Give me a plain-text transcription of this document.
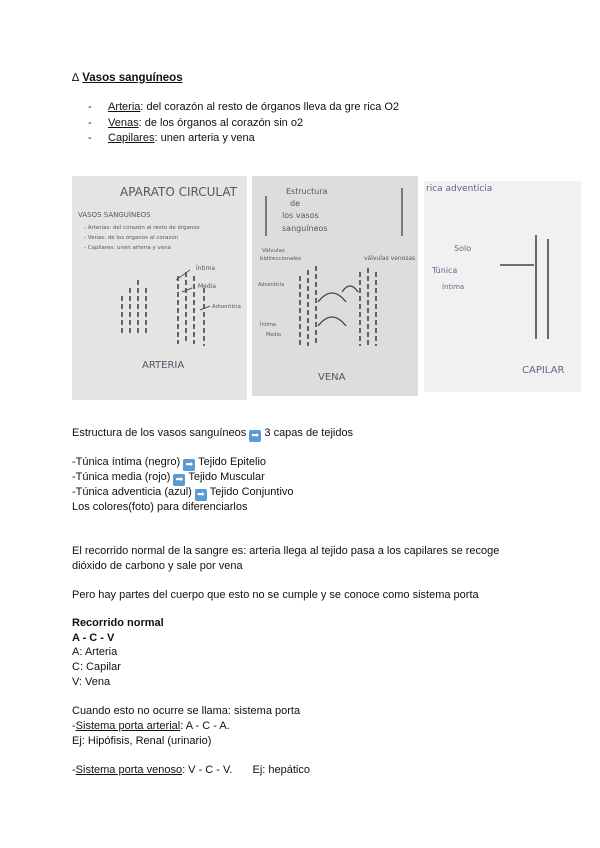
∆ Vasos sanguíneos
- Arteria: del corazón al resto de órganos lleva da gre rica O2
- Venas: de los órganos al corazón sin o2
- Capilares: unen arteria y vena
APARATO CIRCULAT
VASOS SANGUÍNEOS
- Arterias: del corazón al resto de órganos
- Venas: de los órganos al corazón
- Capilares: unen arteria y vena
Íntima
Media
Adventicia
ARTERIA
Estructura
de
los vasos
sanguíneos
Válvulas
bidireccionales
Adventicia
válvulas venosas
Íntima
Media
VENA
rica adventicia
Solo
Túnica
íntima
CAPILAR
Estructura de los vasos sanguíneos ➡ 3 capas de tejidos
-Túnica íntima (negro) ➡ Tejido Epitelio
-Túnica media (rojo) ➡ Tejido Muscular
-Túnica adventicia (azul) ➡ Tejido Conjuntivo
Los colores(foto) para diferenciarlos
El recorrido normal de la sangre es: arteria llega al tejido pasa a los capilares se recoge
dióxido de carbono y sale por vena
Pero hay partes del cuerpo que esto no se cumple y se conoce como sistema porta
Recorrido normal
A - C - V
A: Arteria
C: Capilar
V: Vena
Cuando esto no ocurre se llama: sistema porta
-Sistema porta arterial: A - C - A.
Ej: Hipófisis, Renal (urinario)
-Sistema porta venoso: V - C - V. Ej: hepático
